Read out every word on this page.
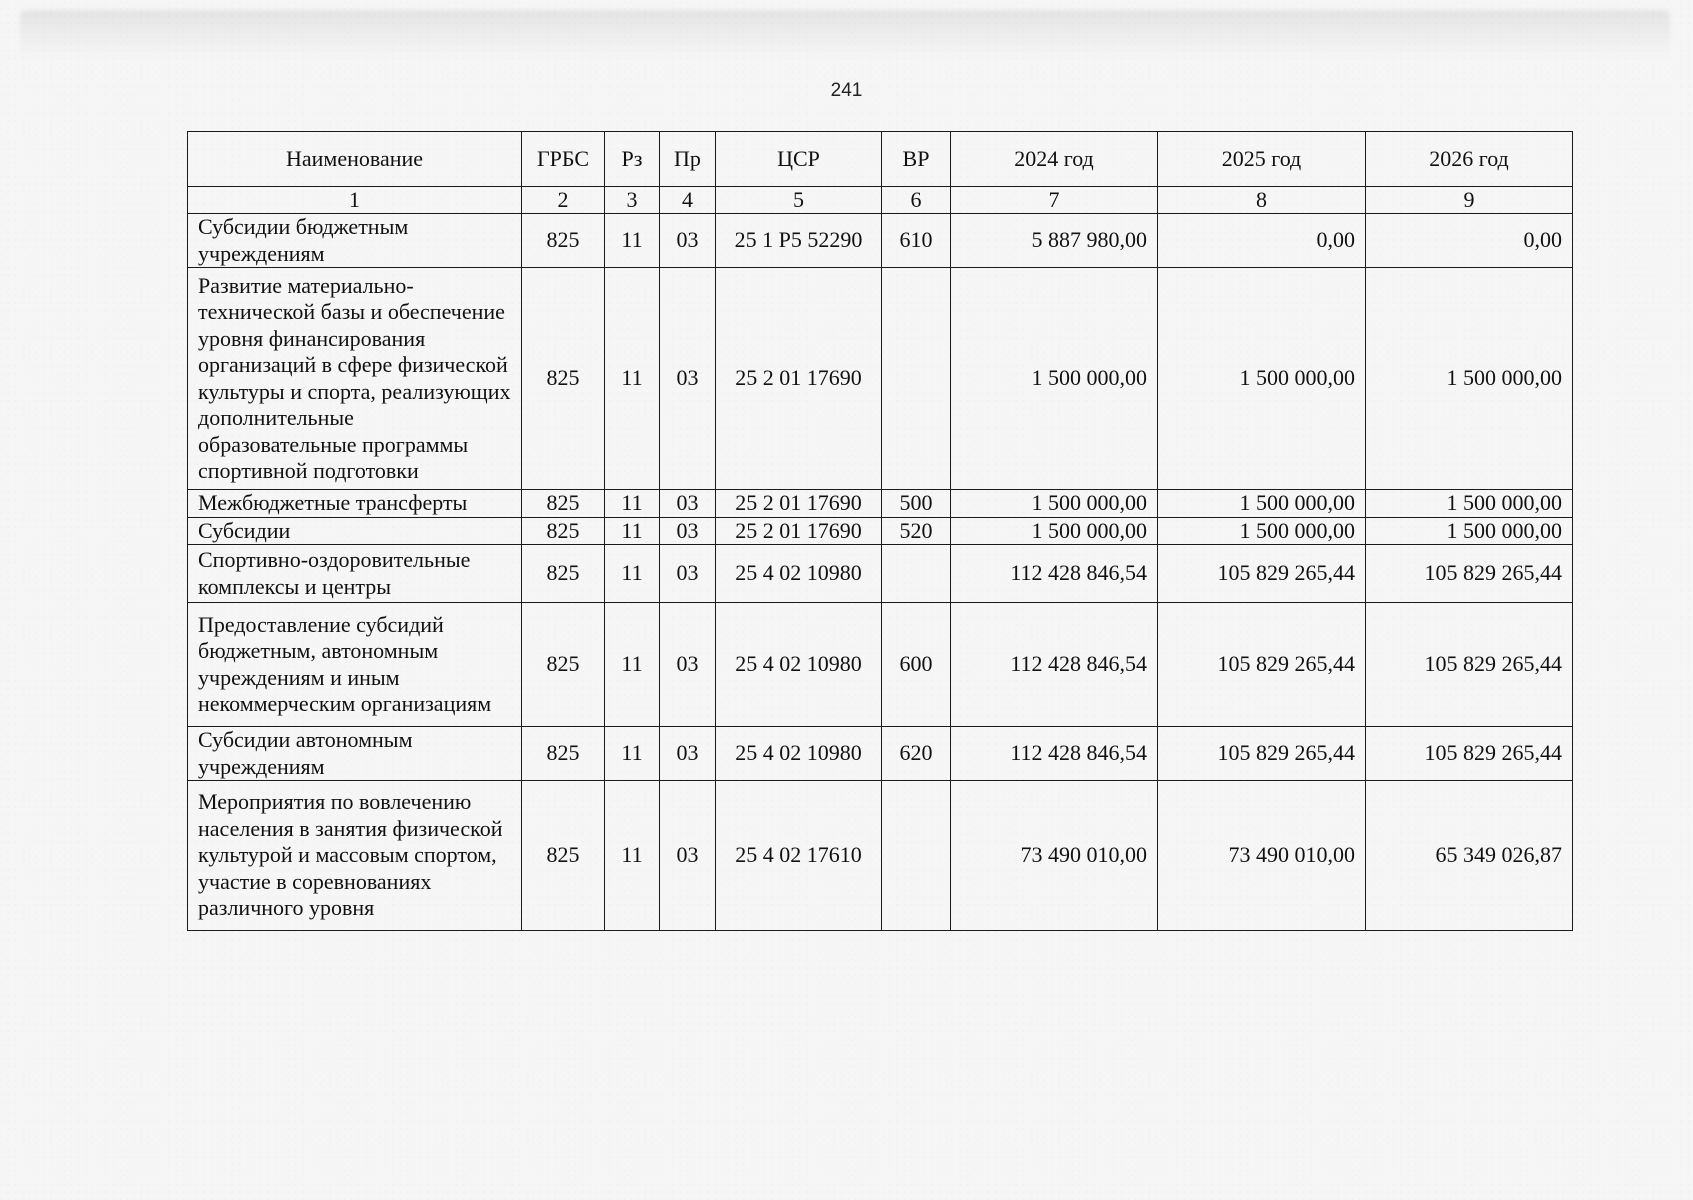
241
Наименование	ГРБС	Рз	Пр	ЦСР	ВР	2024 год	2025 год	2026 год
1	2	3	4	5	6	7	8	9
Субсидии бюджетным учреждениям	825	11	03	25 1 P5 52290	610	5 887 980,00	0,00	0,00
Развитие материально-технической базы и обеспечение уровня финансирования организаций в сфере физической культуры и спорта, реализующих дополнительные образовательные программы спортивной подготовки	825	11	03	25 2 01 17690		1 500 000,00	1 500 000,00	1 500 000,00
Межбюджетные трансферты	825	11	03	25 2 01 17690	500	1 500 000,00	1 500 000,00	1 500 000,00
Субсидии	825	11	03	25 2 01 17690	520	1 500 000,00	1 500 000,00	1 500 000,00
Спортивно-оздоровительные комплексы и центры	825	11	03	25 4 02 10980		112 428 846,54	105 829 265,44	105 829 265,44
Предоставление субсидий бюджетным, автономным учреждениям и иным некоммерческим организациям	825	11	03	25 4 02 10980	600	112 428 846,54	105 829 265,44	105 829 265,44
Субсидии автономным учреждениям	825	11	03	25 4 02 10980	620	112 428 846,54	105 829 265,44	105 829 265,44
Мероприятия по вовлечению населения в занятия физической культурой и массовым спортом, участие в соревнованиях различного уровня	825	11	03	25 4 02 17610		73 490 010,00	73 490 010,00	65 349 026,87
